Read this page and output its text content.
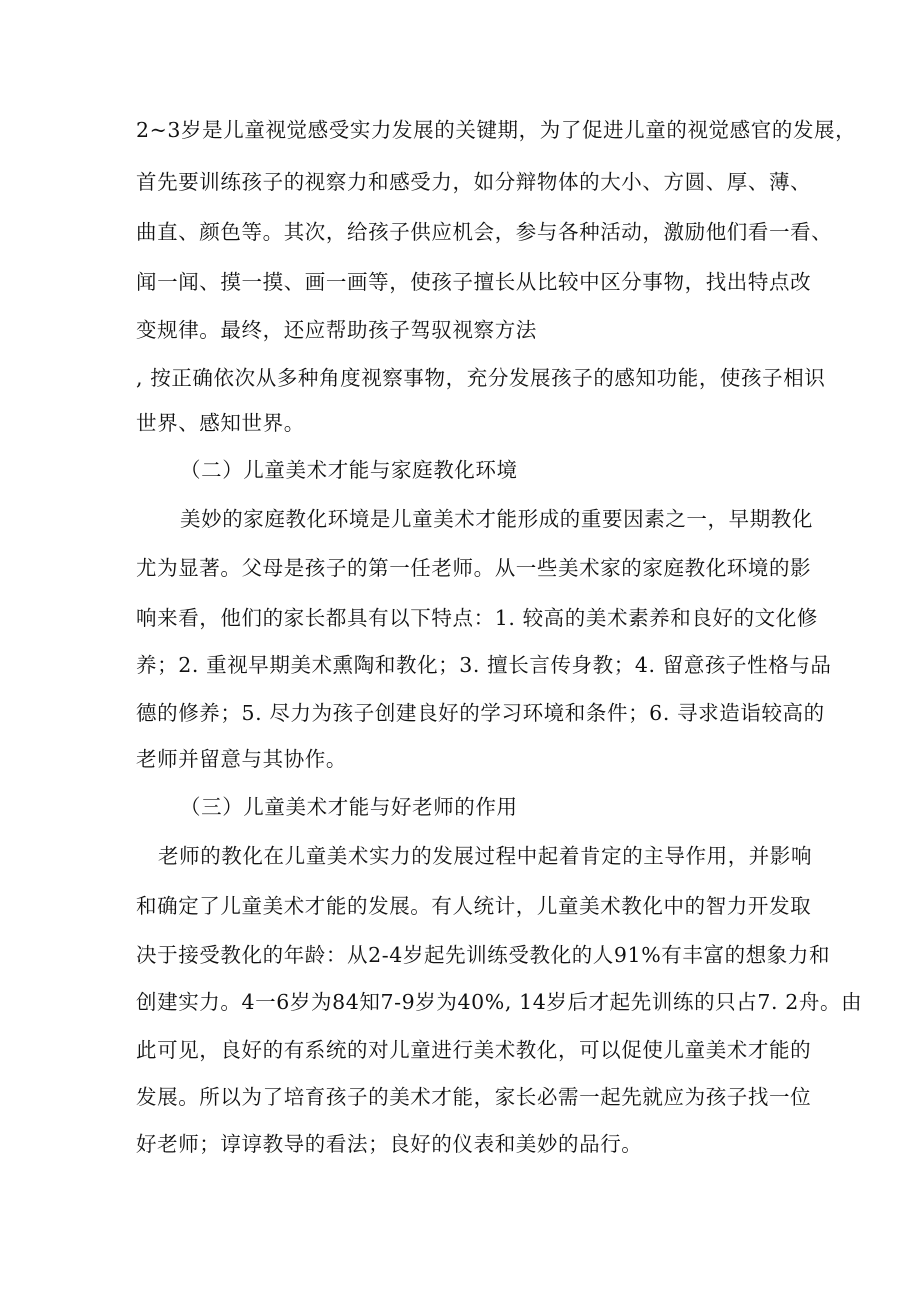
2~3岁是儿童视觉感受实力发展的关键期，为了促进儿童的视觉感官的发展，
首先要训练孩子的视察力和感受力，如分辩物体的大小、方圆、厚、薄、
曲直、颜色等。其次，给孩子供应机会，参与各种活动，激励他们看一看、
闻一闻、摸一摸、画一画等，使孩子擅长从比较中区分事物，找出特点改
变规律。最终，还应帮助孩子驾驭视察方法
, 按正确依次从多种角度视察事物，充分发展孩子的感知功能，使孩子相识
世界、感知世界。
（二）儿童美术才能与家庭教化环境
美妙的家庭教化环境是儿童美术才能形成的重要因素之一，早期教化
尤为显著。父母是孩子的第一任老师。从一些美术家的家庭教化环境的影
响来看，他们的家长都具有以下特点：1. 较高的美术素养和良好的文化修
养；2. 重视早期美术熏陶和教化；3. 擅长言传身教；4. 留意孩子性格与品
德的修养；5. 尽力为孩子创建良好的学习环境和条件；6. 寻求造诣较高的
老师并留意与其协作。
（三）儿童美术才能与好老师的作用
老师的教化在儿童美术实力的发展过程中起着肯定的主导作用，并影响
和确定了儿童美术才能的发展。有人统计，儿童美术教化中的智力开发取
决于接受教化的年龄：从2-4岁起先训练受教化的人91%有丰富的想象力和
创建实力。4一6岁为84知7-9岁为40%, 14岁后才起先训练的只占7. 2舟。由
此可见，良好的有系统的对儿童进行美术教化，可以促使儿童美术才能的
发展。所以为了培育孩子的美术才能，家长必需一起先就应为孩子找一位
好老师；谆谆教导的看法；良好的仪表和美妙的品行。
